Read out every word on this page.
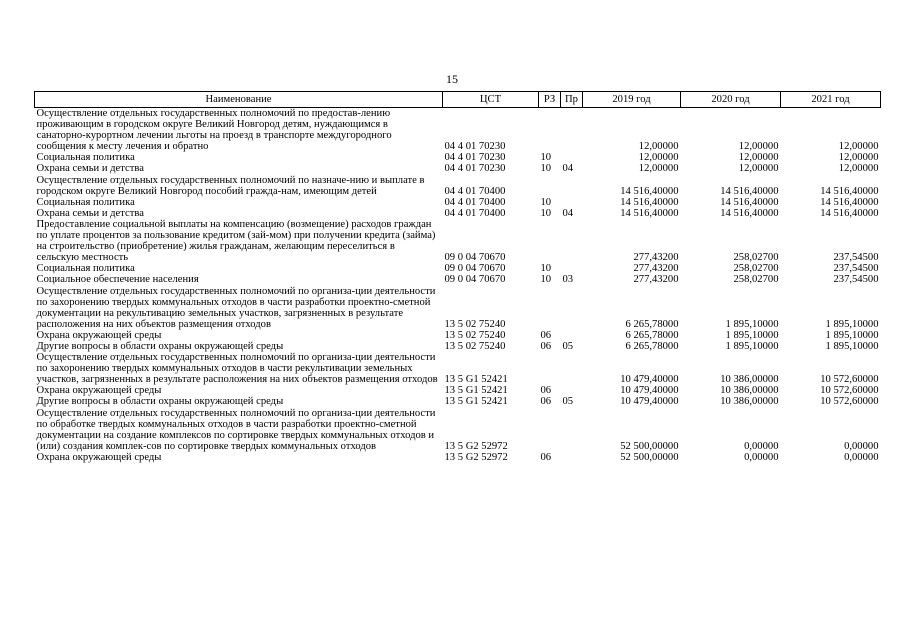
15
Наименование	ЦСТ	РЗ	Пр	2019 год	2020 год	2021 год
Осуществление отдельных государственных полномочий по предостав-лению проживающим в городском округе Великий Новгород детям, нуждающимся в санаторно-курортном лечении льготы на проезд в транспорте междугородного сообщения к месту лечения и обратно	04 4 01 70230			12,00000	12,00000	12,00000
Социальная политика	04 4 01 70230	10		12,00000	12,00000	12,00000
Охрана семьи и детства	04 4 01 70230	10	04	12,00000	12,00000	12,00000
Осуществление отдельных государственных полномочий по назначе-нию и выплате в городском округе Великий Новгород пособий гражда-нам, имеющим детей	04 4 01 70400			14 516,40000	14 516,40000	14 516,40000
Социальная политика	04 4 01 70400	10		14 516,40000	14 516,40000	14 516,40000
Охрана семьи и детства	04 4 01 70400	10	04	14 516,40000	14 516,40000	14 516,40000
Предоставление социальной выплаты на компенсацию (возмещение) расходов граждан по уплате процентов за пользование кредитом (зай-мом) при получении кредита (займа) на строительство (приобретение) жилья гражданам, желающим переселиться в сельскую местность	09 0 04 70670			277,43200	258,02700	237,54500
Социальная политика	09 0 04 70670	10		277,43200	258,02700	237,54500
Социальное обеспечение населения	09 0 04 70670	10	03	277,43200	258,02700	237,54500
Осуществление отдельных государственных полномочий по организа-ции деятельности по захоронению твердых коммунальных отходов в части разработки проектно-сметной документации на рекультивацию земельных участков, загрязненных в результате расположения на них объектов размещения отходов	13 5 02 75240			6 265,78000	1 895,10000	1 895,10000
Охрана окружающей среды	13 5 02 75240	06		6 265,78000	1 895,10000	1 895,10000
Другие вопросы в области охраны окружающей среды	13 5 02 75240	06	05	6 265,78000	1 895,10000	1 895,10000
Осуществление отдельных государственных полномочий по организа-ции деятельности по захоронению твердых коммунальных отходов в части рекультивации земельных участков, загрязненных в результате расположения на них объектов размещения отходов	13 5 G1 52421			10 479,40000	10 386,00000	10 572,60000
Охрана окружающей среды	13 5 G1 52421	06		10 479,40000	10 386,00000	10 572,60000
Другие вопросы в области охраны окружающей среды	13 5 G1 52421	06	05	10 479,40000	10 386,00000	10 572,60000
Осуществление отдельных государственных полномочий по организа-ции деятельности по обработке твердых коммунальных отходов в части разработки проектно-сметной документации на создание комплексов по сортировке твердых коммунальных отходов и (или) создания комплек-сов по сортировке твердых коммунальных отходов	13 5 G2 52972			52 500,00000	0,00000	0,00000
Охрана окружающей среды	13 5 G2 52972	06		52 500,00000	0,00000	0,00000
